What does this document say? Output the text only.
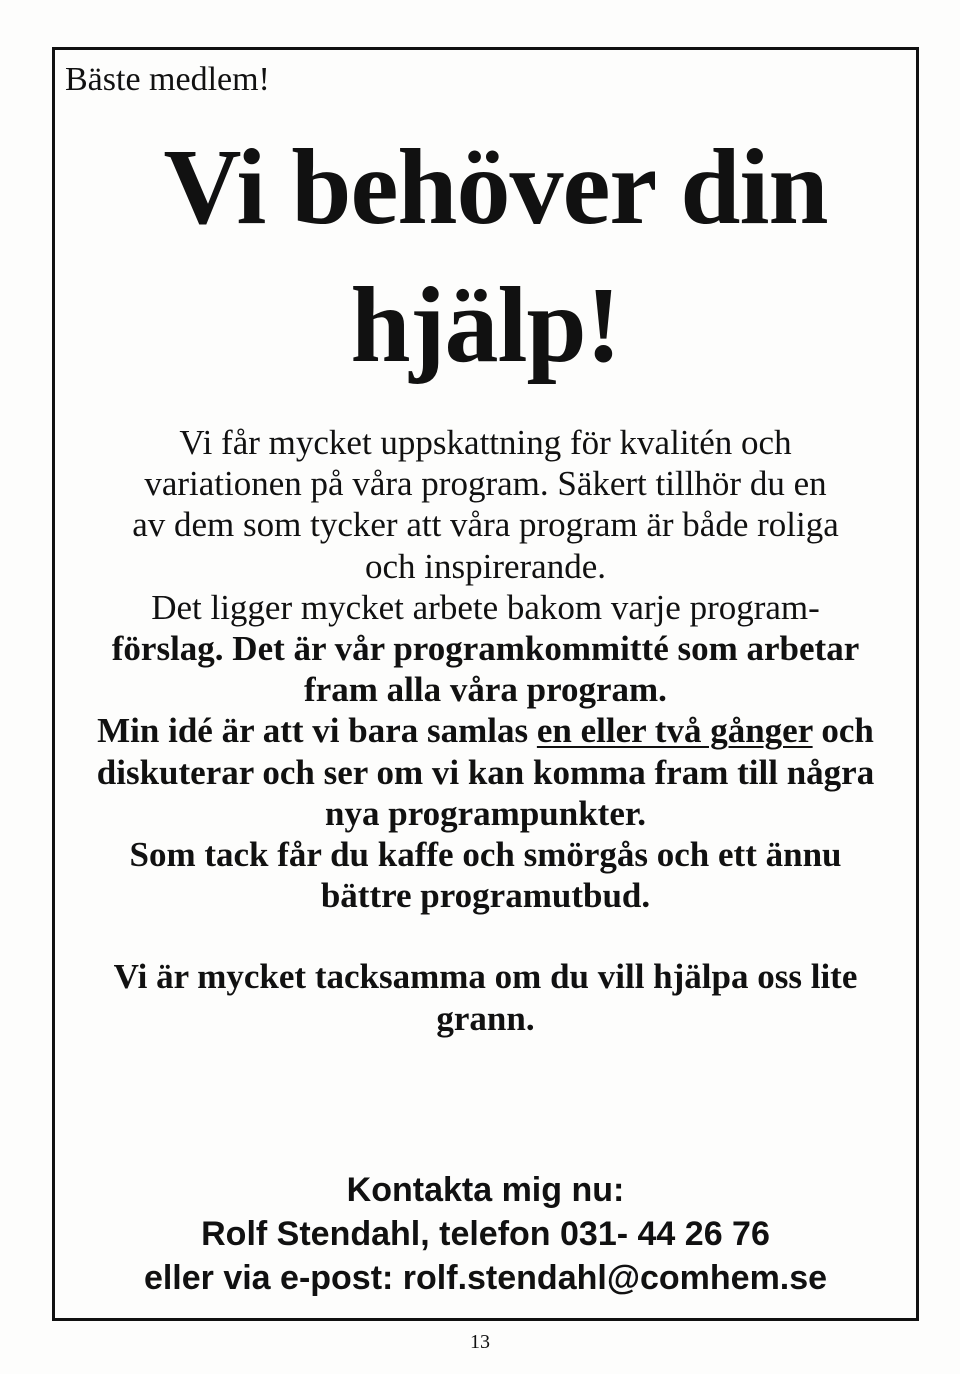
Bäste medlem!

Vi behöver din
hjälp!
Vi får mycket uppskattning för kvalitén och
variationen på våra program. Säkert tillhör du en
av dem som tycker att våra program är både roliga
och inspirerande.
Det ligger mycket arbete bakom varje program-
förslag. Det är vår programkommitté som arbetar
fram alla våra program.
Min idé är att vi bara samlas en eller två gånger och
diskuterar och ser om vi kan komma fram till några
nya programpunkter.
Som tack får du kaffe och smörgås och ett ännu
bättre programutbud.
Vi är mycket tacksamma om du vill hjälpa oss lite
grann.
Kontakta mig nu:
Rolf Stendahl, telefon 031- 44 26 76
eller via e-post: rolf.stendahl@comhem.se

13
